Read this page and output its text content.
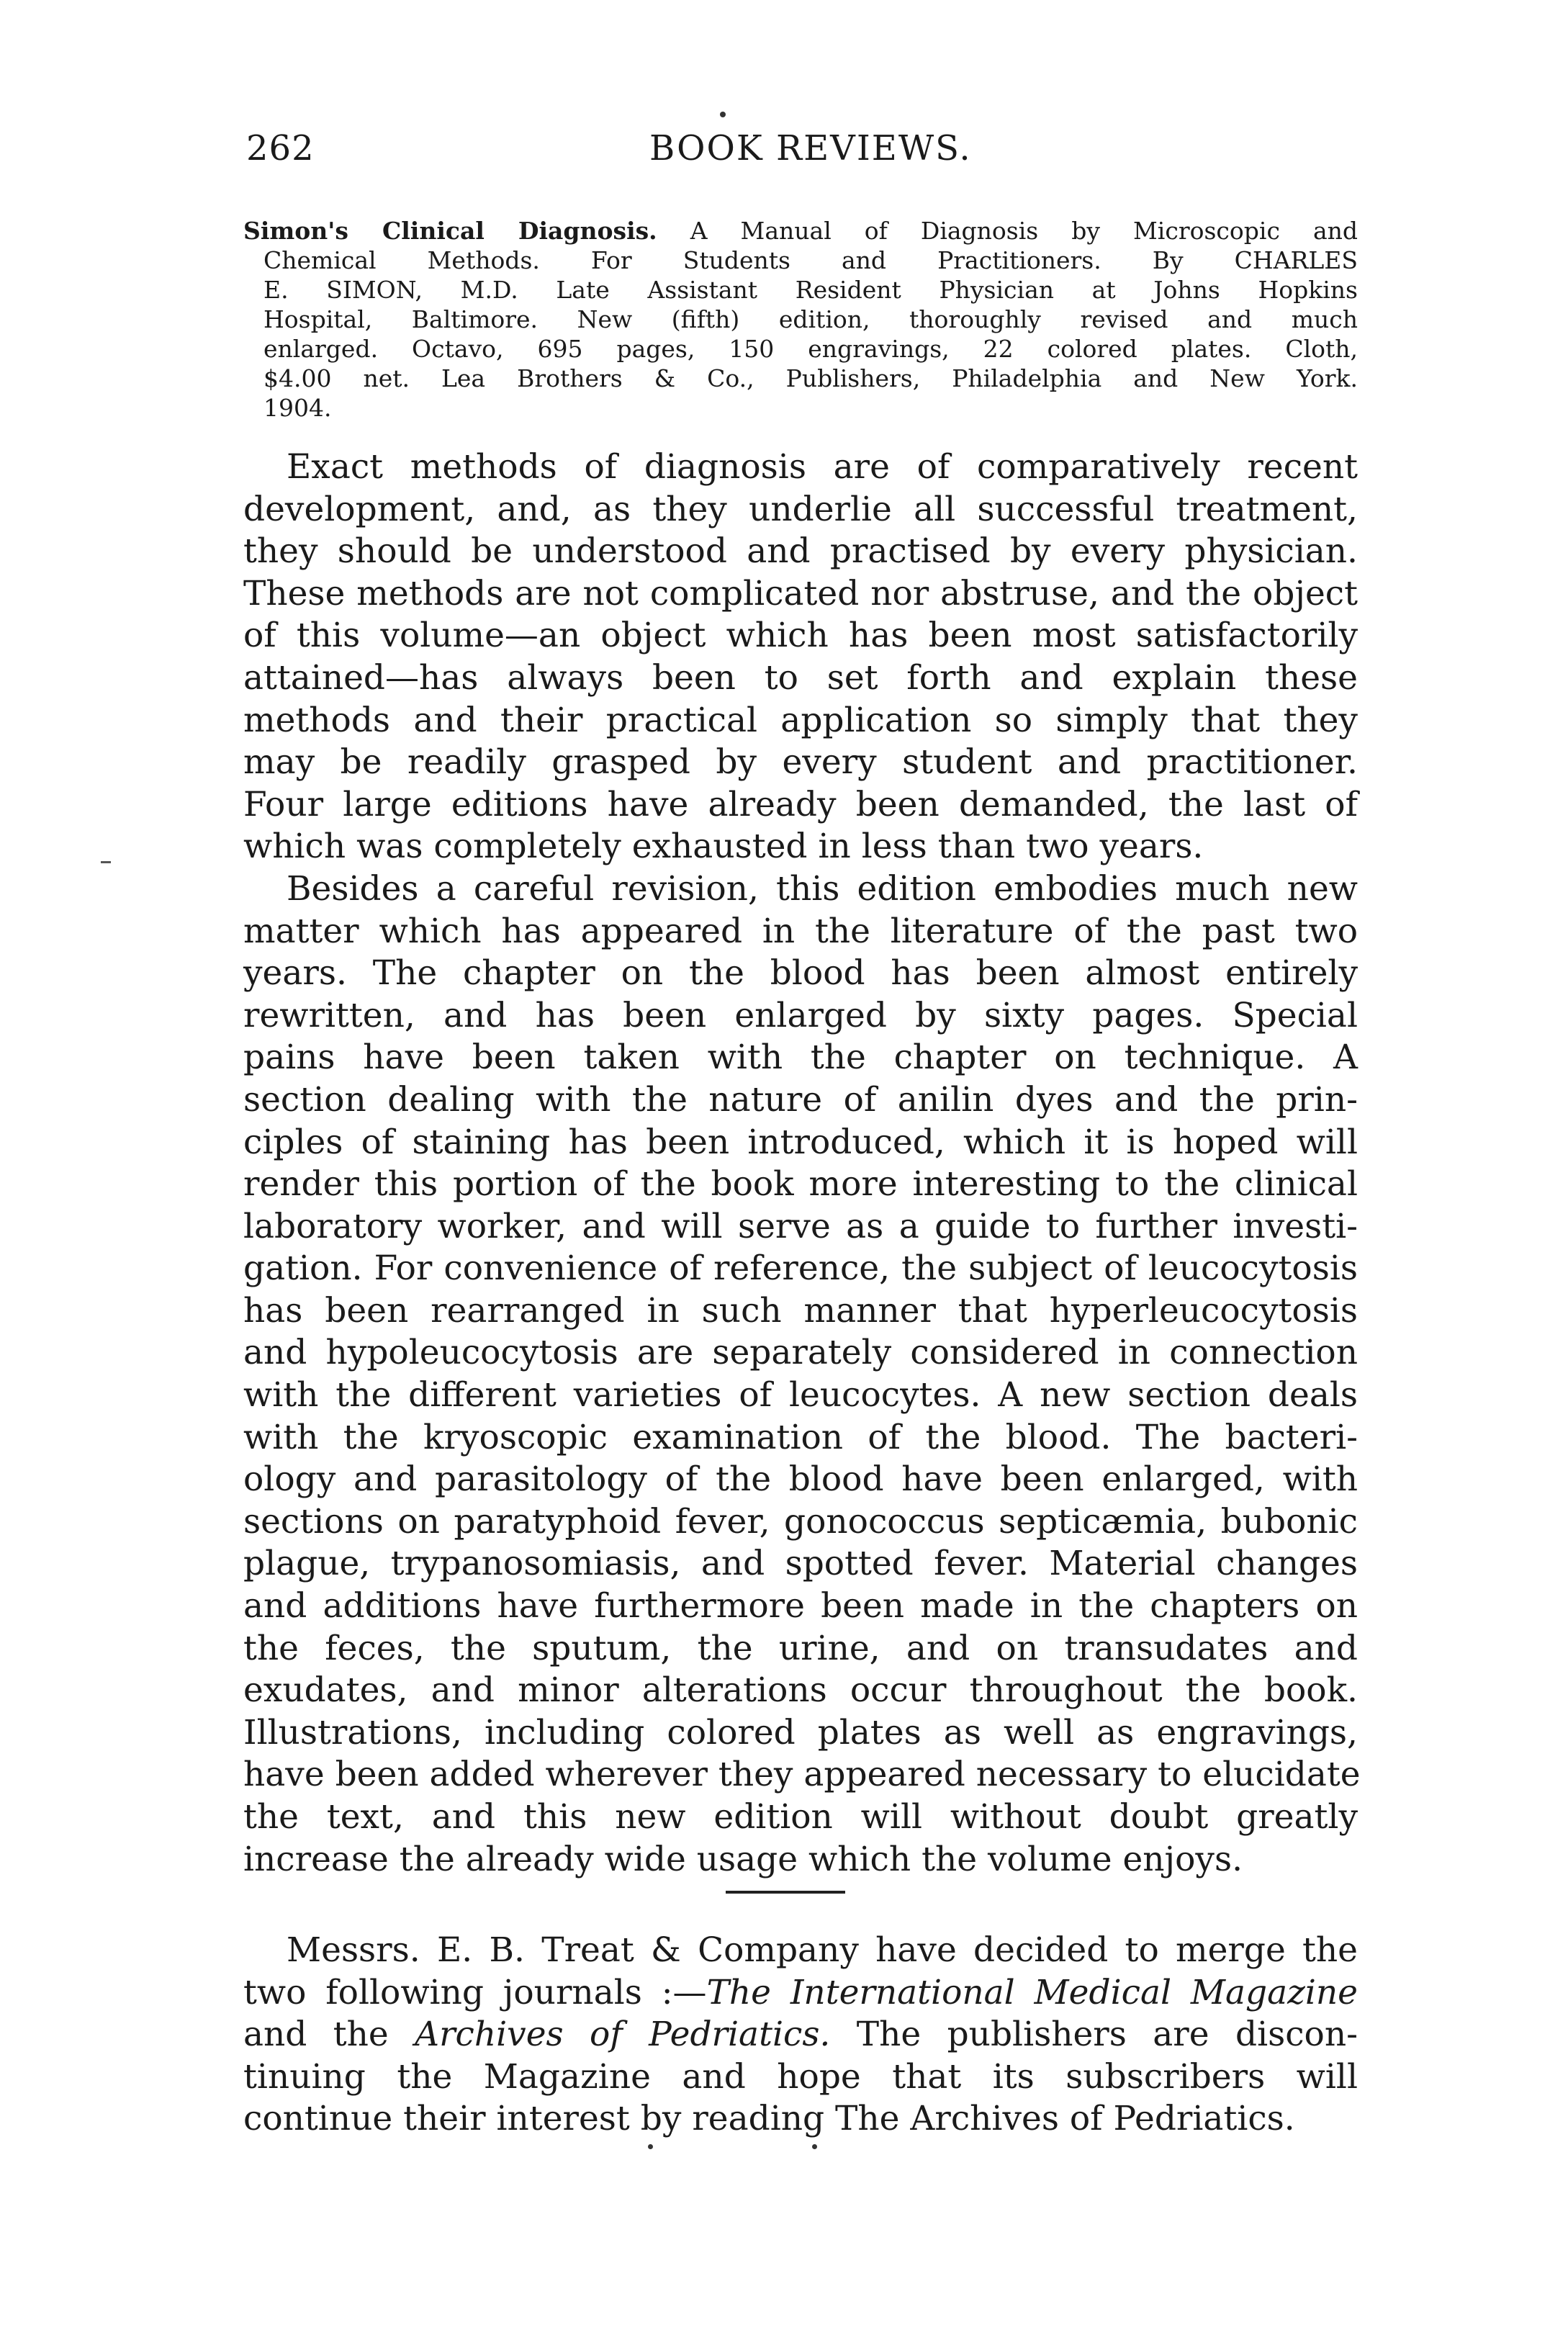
262	BOOK REVIEWS.
Simon's Clinical Diagnosis. A Manual of Diagnosis by Microscopic and
Chemical Methods. For Students and Practitioners. By CHARLES
E. SIMON, M.D. Late Assistant Resident Physician at Johns Hopkins
Hospital, Baltimore. New (fifth) edition, thoroughly revised and much
enlarged. Octavo, 695 pages, 150 engravings, 22 colored plates. Cloth,
$4.00 net. Lea Brothers & Co., Publishers, Philadelphia and New York.
1904.

Exact methods of diagnosis are of comparatively recent
development, and, as they underlie all successful treatment,
they should be understood and practised by every physician.
These methods are not complicated nor abstruse, and the object
of this volume—an object which has been most satisfactorily
attained—has always been to set forth and explain these
methods and their practical application so simply that they
may be readily grasped by every student and practitioner.
Four large editions have already been demanded, the last of
which was completely exhausted in less than two years.

Besides a careful revision, this edition embodies much new
matter which has appeared in the literature of the past two
years. The chapter on the blood has been almost entirely
rewritten, and has been enlarged by sixty pages. Special
pains have been taken with the chapter on technique. A
section dealing with the nature of anilin dyes and the prin-
ciples of staining has been introduced, which it is hoped will
render this portion of the book more interesting to the clinical
laboratory worker, and will serve as a guide to further investi-
gation. For convenience of reference, the subject of leucocytosis
has been rearranged in such manner that hyperleucocytosis
and hypoleucocytosis are separately considered in connection
with the different varieties of leucocytes. A new section deals
with the kryoscopic examination of the blood. The bacteri-
ology and parasitology of the blood have been enlarged, with
sections on paratyphoid fever, gonococcus septicæmia, bubonic
plague, trypanosomiasis, and spotted fever. Material changes
and additions have furthermore been made in the chapters on
the feces, the sputum, the urine, and on transudates and
exudates, and minor alterations occur throughout the book.
Illustrations, including colored plates as well as engravings,
have been added wherever they appeared necessary to elucidate
the text, and this new edition will without doubt greatly
increase the already wide usage which the volume enjoys.

Messrs. E. B. Treat & Company have decided to merge the
two following journals :—The International Medical Magazine
and the Archives of Pedriatics. The publishers are discon-
tinuing the Magazine and hope that its subscribers will
continue their interest by reading The Archives of Pedriatics.
